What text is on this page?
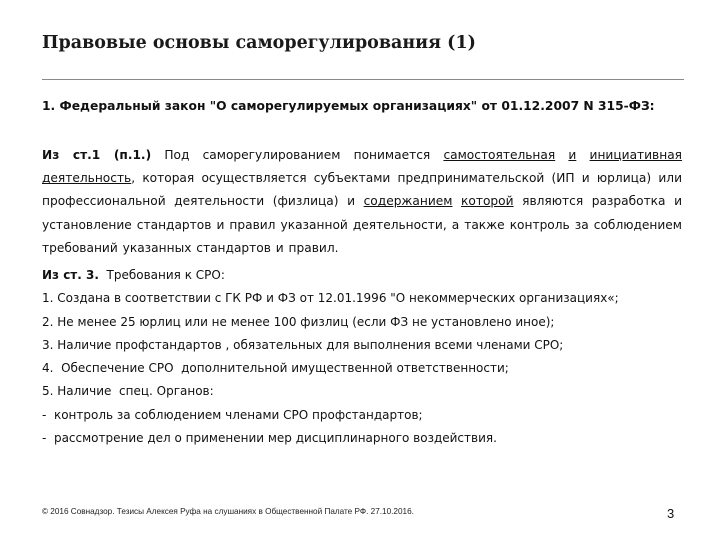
Правовые основы саморегулирования (1)
1. Федеральный закон "О саморегулируемых организациях" от 01.12.2007 N 315-ФЗ:
Из ст.1 (п.1.) Под саморегулированием понимается самостоятельная и инициативная деятельность, которая осуществляется субъектами предпринимательской (ИП и юрлица) или профессиональной деятельности (физлица) и содержанием которой являются разработка и установление стандартов и правил указанной деятельности, а также контроль за соблюдением требований указанных стандартов и правил.
Из ст. 3.  Требования к СРО:
1. Создана в соответствии с ГК РФ и ФЗ от 12.01.1996 "О некоммерческих организациях«;
2. Не менее 25 юрлиц или не менее 100 физлиц (если ФЗ не установлено иное);
3. Наличие профстандартов , обязательных для выполнения всеми членами СРО;
4.  Обеспечение СРО  дополнительной имущественной ответственности;
5. Наличие  спец. Органов:
-  контроль за соблюдением членами СРО профстандартов;
-  рассмотрение дел о применении мер дисциплинарного воздействия.
© 2016 Совнадзор. Тезисы Алексея Руфа на слушаниях в Общественной Палате РФ. 27.10.2016.	3
